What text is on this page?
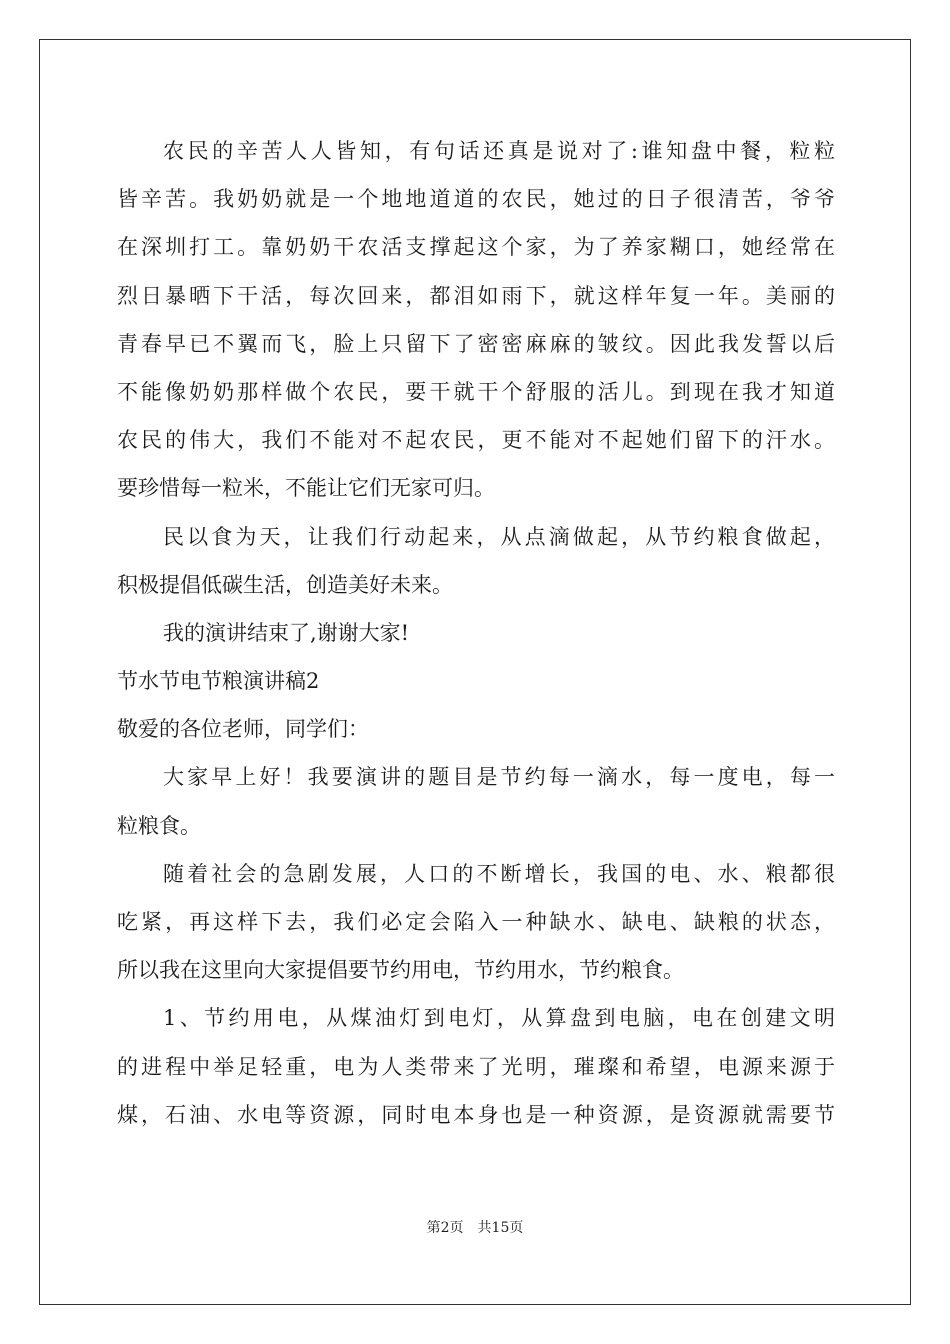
农民的辛苦人人皆知，有句话还真是说对了:谁知盘中餐，粒粒
皆辛苦。我奶奶就是一个地地道道的农民，她过的日子很清苦，爷爷
在深圳打工。靠奶奶干农活支撑起这个家，为了养家糊口，她经常在
烈日暴晒下干活，每次回来，都泪如雨下，就这样年复一年。美丽的
青春早已不翼而飞，脸上只留下了密密麻麻的皱纹。因此我发誓以后
不能像奶奶那样做个农民，要干就干个舒服的活儿。到现在我才知道
农民的伟大，我们不能对不起农民，更不能对不起她们留下的汗水。
要珍惜每一粒米，不能让它们无家可归。
民以食为天，让我们行动起来，从点滴做起，从节约粮食做起，
积极提倡低碳生活，创造美好未来。
我的演讲结束了,谢谢大家!
节水节电节粮演讲稿2
敬爱的各位老师，同学们：
大家早上好！我要演讲的题目是节约每一滴水，每一度电，每一
粒粮食。
随着社会的急剧发展，人口的不断增长，我国的电、水、粮都很
吃紧，再这样下去，我们必定会陷入一种缺水、缺电、缺粮的状态，
所以我在这里向大家提倡要节约用电，节约用水，节约粮食。
1、节约用电，从煤油灯到电灯，从算盘到电脑，电在创建文明
的进程中举足轻重，电为人类带来了光明，璀璨和希望，电源来源于
煤，石油、水电等资源，同时电本身也是一种资源，是资源就需要节
第2页 共15页
